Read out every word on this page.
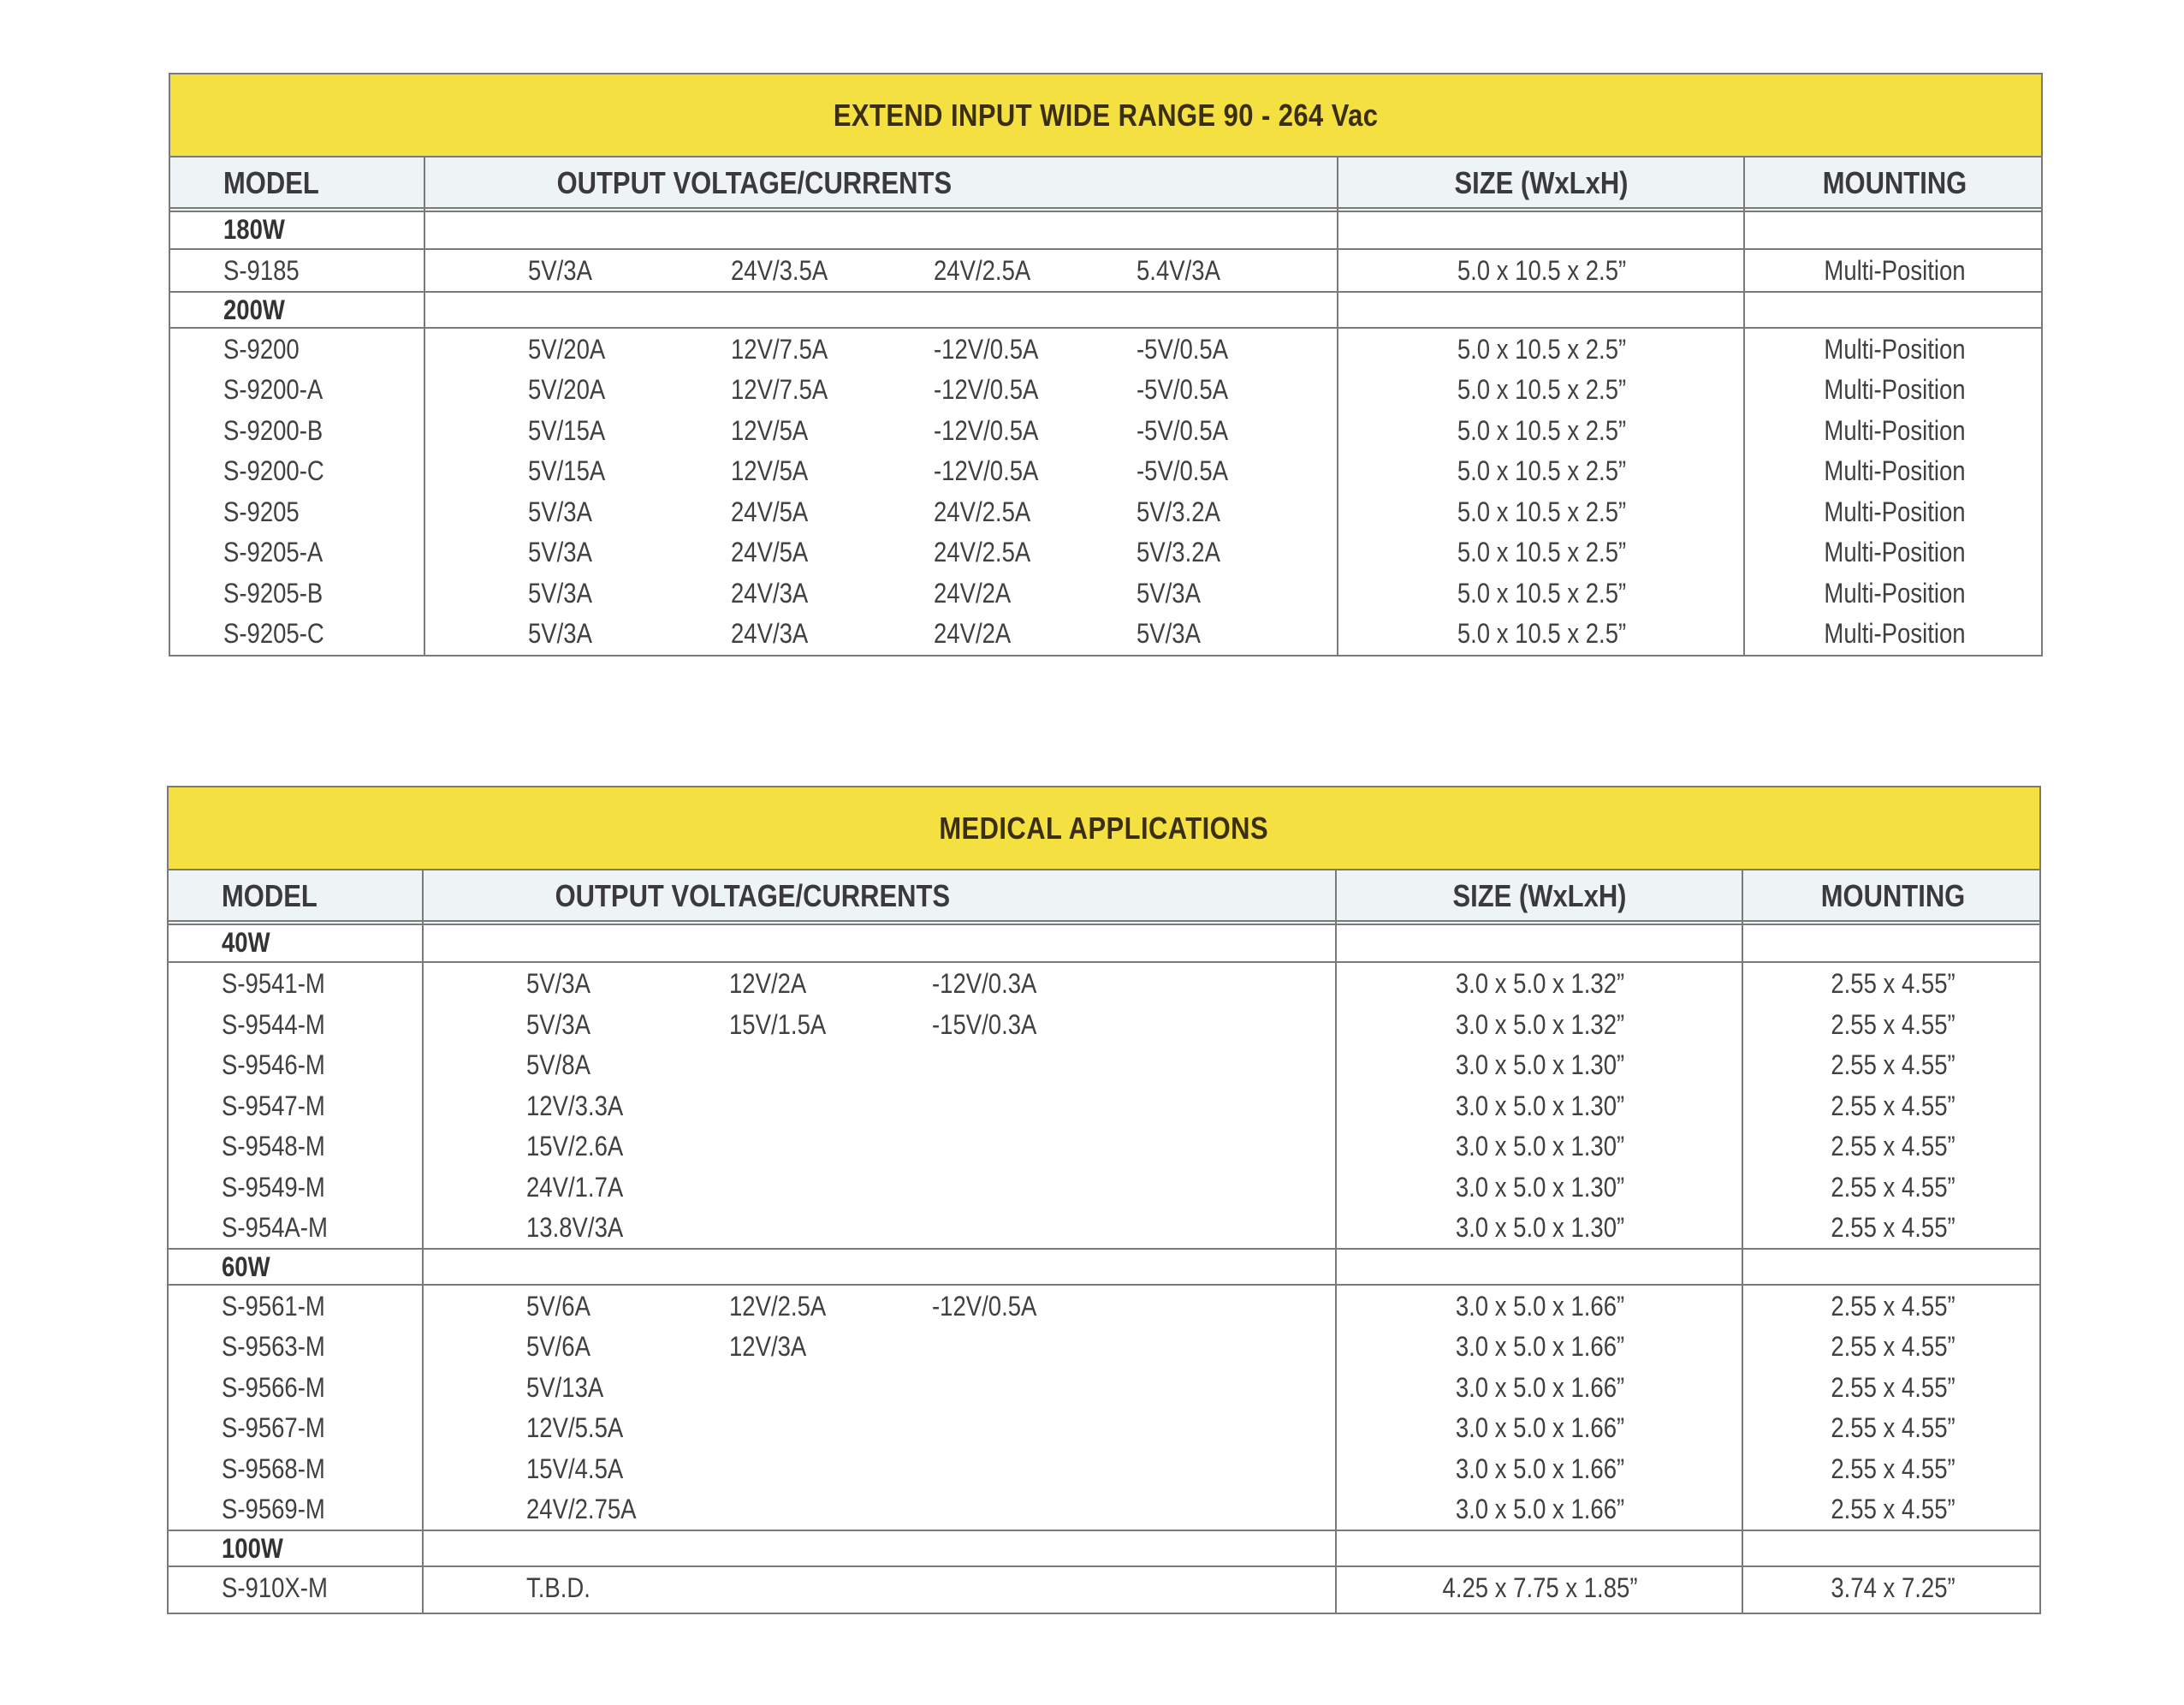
EXTEND INPUT WIDE RANGE 90 - 264 Vac
MODEL	OUTPUT VOLTAGE/CURRENTS	SIZE (WxLxH)	MOUNTING
180W
S-9185	5V/3A	24V/3.5A	24V/2.5A	5.4V/3A	5.0 x 10.5 x 2.5”	Multi-Position
200W
S-9200	5V/20A	12V/7.5A	-12V/0.5A	-5V/0.5A	5.0 x 10.5 x 2.5”	Multi-Position
S-9200-A	5V/20A	12V/7.5A	-12V/0.5A	-5V/0.5A	5.0 x 10.5 x 2.5”	Multi-Position
S-9200-B	5V/15A	12V/5A	-12V/0.5A	-5V/0.5A	5.0 x 10.5 x 2.5”	Multi-Position
S-9200-C	5V/15A	12V/5A	-12V/0.5A	-5V/0.5A	5.0 x 10.5 x 2.5”	Multi-Position
S-9205	5V/3A	24V/5A	24V/2.5A	5V/3.2A	5.0 x 10.5 x 2.5”	Multi-Position
S-9205-A	5V/3A	24V/5A	24V/2.5A	5V/3.2A	5.0 x 10.5 x 2.5”	Multi-Position
S-9205-B	5V/3A	24V/3A	24V/2A	5V/3A	5.0 x 10.5 x 2.5”	Multi-Position
S-9205-C	5V/3A	24V/3A	24V/2A	5V/3A	5.0 x 10.5 x 2.5”	Multi-Position
MEDICAL APPLICATIONS
MODEL	OUTPUT VOLTAGE/CURRENTS	SIZE (WxLxH)	MOUNTING
40W
S-9541-M	5V/3A	12V/2A	-12V/0.3A	3.0 x 5.0 x 1.32”	2.55 x 4.55”
S-9544-M	5V/3A	15V/1.5A	-15V/0.3A	3.0 x 5.0 x 1.32”	2.55 x 4.55”
S-9546-M	5V/8A	3.0 x 5.0 x 1.30”	2.55 x 4.55”
S-9547-M	12V/3.3A	3.0 x 5.0 x 1.30”	2.55 x 4.55”
S-9548-M	15V/2.6A	3.0 x 5.0 x 1.30”	2.55 x 4.55”
S-9549-M	24V/1.7A	3.0 x 5.0 x 1.30”	2.55 x 4.55”
S-954A-M	13.8V/3A	3.0 x 5.0 x 1.30”	2.55 x 4.55”
60W
S-9561-M	5V/6A	12V/2.5A	-12V/0.5A	3.0 x 5.0 x 1.66”	2.55 x 4.55”
S-9563-M	5V/6A	12V/3A	3.0 x 5.0 x 1.66”	2.55 x 4.55”
S-9566-M	5V/13A	3.0 x 5.0 x 1.66”	2.55 x 4.55”
S-9567-M	12V/5.5A	3.0 x 5.0 x 1.66”	2.55 x 4.55”
S-9568-M	15V/4.5A	3.0 x 5.0 x 1.66”	2.55 x 4.55”
S-9569-M	24V/2.75A	3.0 x 5.0 x 1.66”	2.55 x 4.55”
100W
S-910X-M	T.B.D.	4.25 x 7.75 x 1.85”	3.74 x 7.25”
